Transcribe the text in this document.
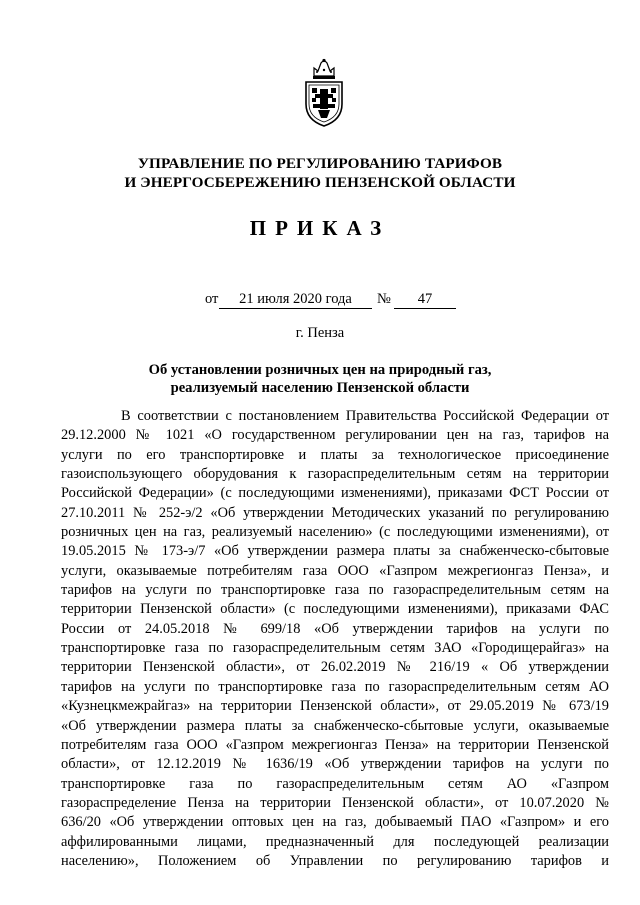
УПРАВЛЕНИЕ ПО РЕГУЛИРОВАНИЮ ТАРИФОВ
И ЭНЕРГОСБЕРЕЖЕНИЮ ПЕНЗЕНСКОЙ ОБЛАСТИ
ПРИКАЗ
от	21 июля 2020 года	№	47
г. Пенза
Об установлении розничных цен на природный газ,
реализуемый населению Пензенской области
В соответствии с постановлением Правительства Российской Федерации от
29.12.2000 № 1021 «О государственном регулировании цен на газ, тарифов на
услуги по его транспортировке и платы за технологическое присоединение
газоиспользующего оборудования к газораспределительным сетям на территории
Российской Федерации» (с последующими изменениями), приказами ФСТ России от
27.10.2011 № 252-э/2 «Об утверждении Методических указаний по регулированию
розничных цен на газ, реализуемый населению» (с последующими изменениями), от
19.05.2015 № 173-э/7 «Об утверждении размера платы за снабженческо-сбытовые
услуги, оказываемые потребителям газа ООО «Газпром межрегионгаз Пенза», и
тарифов на услуги по транспортировке газа по газораспределительным сетям на
территории Пензенской области» (с последующими изменениями), приказами ФАС
России от 24.05.2018 № 699/18 «Об утверждении тарифов на услуги по
транспортировке газа по газораспределительным сетям ЗАО «Городищерайгаз» на
территории Пензенской области», от 26.02.2019 № 216/19 « Об утверждении
тарифов на услуги по транспортировке газа по газораспределительным сетям АО
«Кузнецкмежрайгаз» на территории Пензенской области», от 29.05.2019 № 673/19
«Об утверждении размера платы за снабженческо-сбытовые услуги, оказываемые
потребителям газа ООО «Газпром межрегионгаз Пенза» на территории Пензенской
области», от 12.12.2019 № 1636/19 «Об утверждении тарифов на услуги по
транспортировке газа по газораспределительным сетям АО «Газпром
газораспределение Пенза на территории Пензенской области», от 10.07.2020 №
636/20 «Об утверждении оптовых цен на газ, добываемый ПАО «Газпром» и его
аффилированными лицами, предназначенный для последующей реализации
населению», Положением об Управлении по регулированию тарифов и
